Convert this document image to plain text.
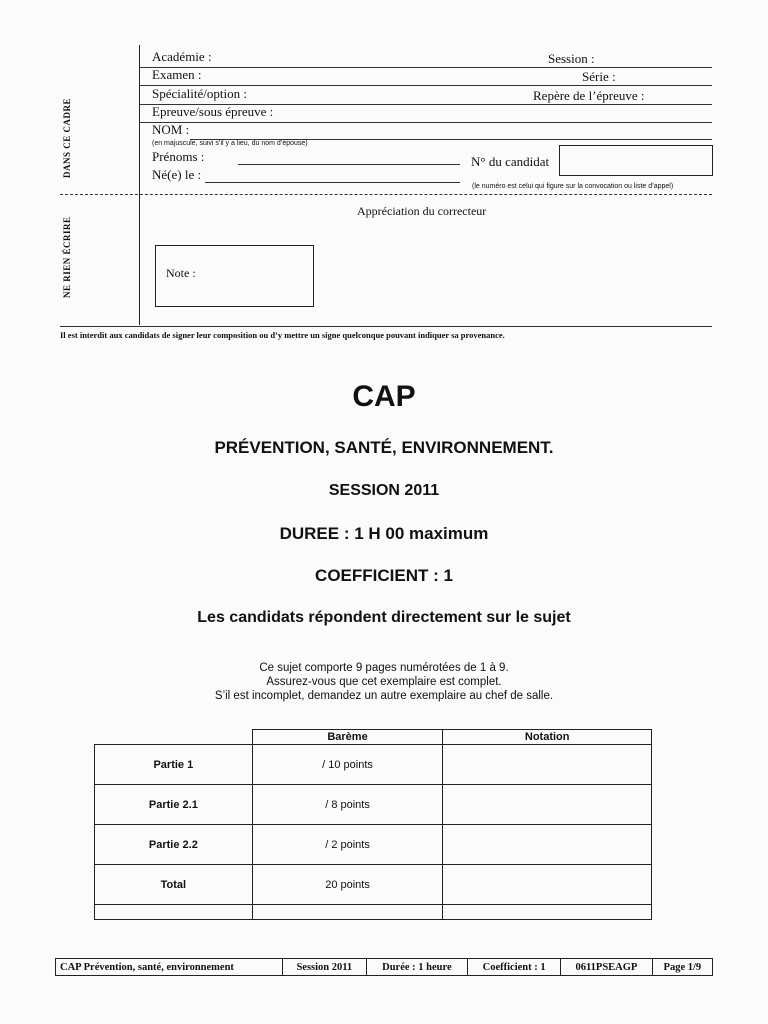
DANS CE CADRE
NE RIEN ÉCRIRE
Académie :	Session :
Examen :	Série :
Spécialité/option :	Repère de l’épreuve :
Epreuve/sous épreuve :
NOM :
(en majuscule, suivi s’il y a lieu, du nom d’épouse)
Prénoms :	N° du candidat
Né(e) le :
(le numéro est celui qui figure sur la convocation ou liste d’appel)
Appréciation du correcteur
Note :
Il est interdit aux candidats de signer leur composition ou d’y mettre un signe quelconque pouvant indiquer sa provenance.
CAP
PRÉVENTION, SANTÉ, ENVIRONNEMENT.
SESSION 2011
DUREE : 1 H 00 maximum
COEFFICIENT : 1
Les candidats répondent directement sur le sujet
Ce sujet comporte 9 pages numérotées de 1 à 9.
Assurez-vous que cet exemplaire est complet.
S’il est incomplet, demandez un autre exemplaire au chef de salle.
	Barème	Notation
Partie 1	/ 10 points	
Partie 2.1	/ 8 points	
Partie 2.2	/ 2 points	
Total	20 points	

CAP Prévention, santé, environnement	Session 2011	Durée : 1 heure	Coefficient : 1	0611PSEAGP	Page 1/9
